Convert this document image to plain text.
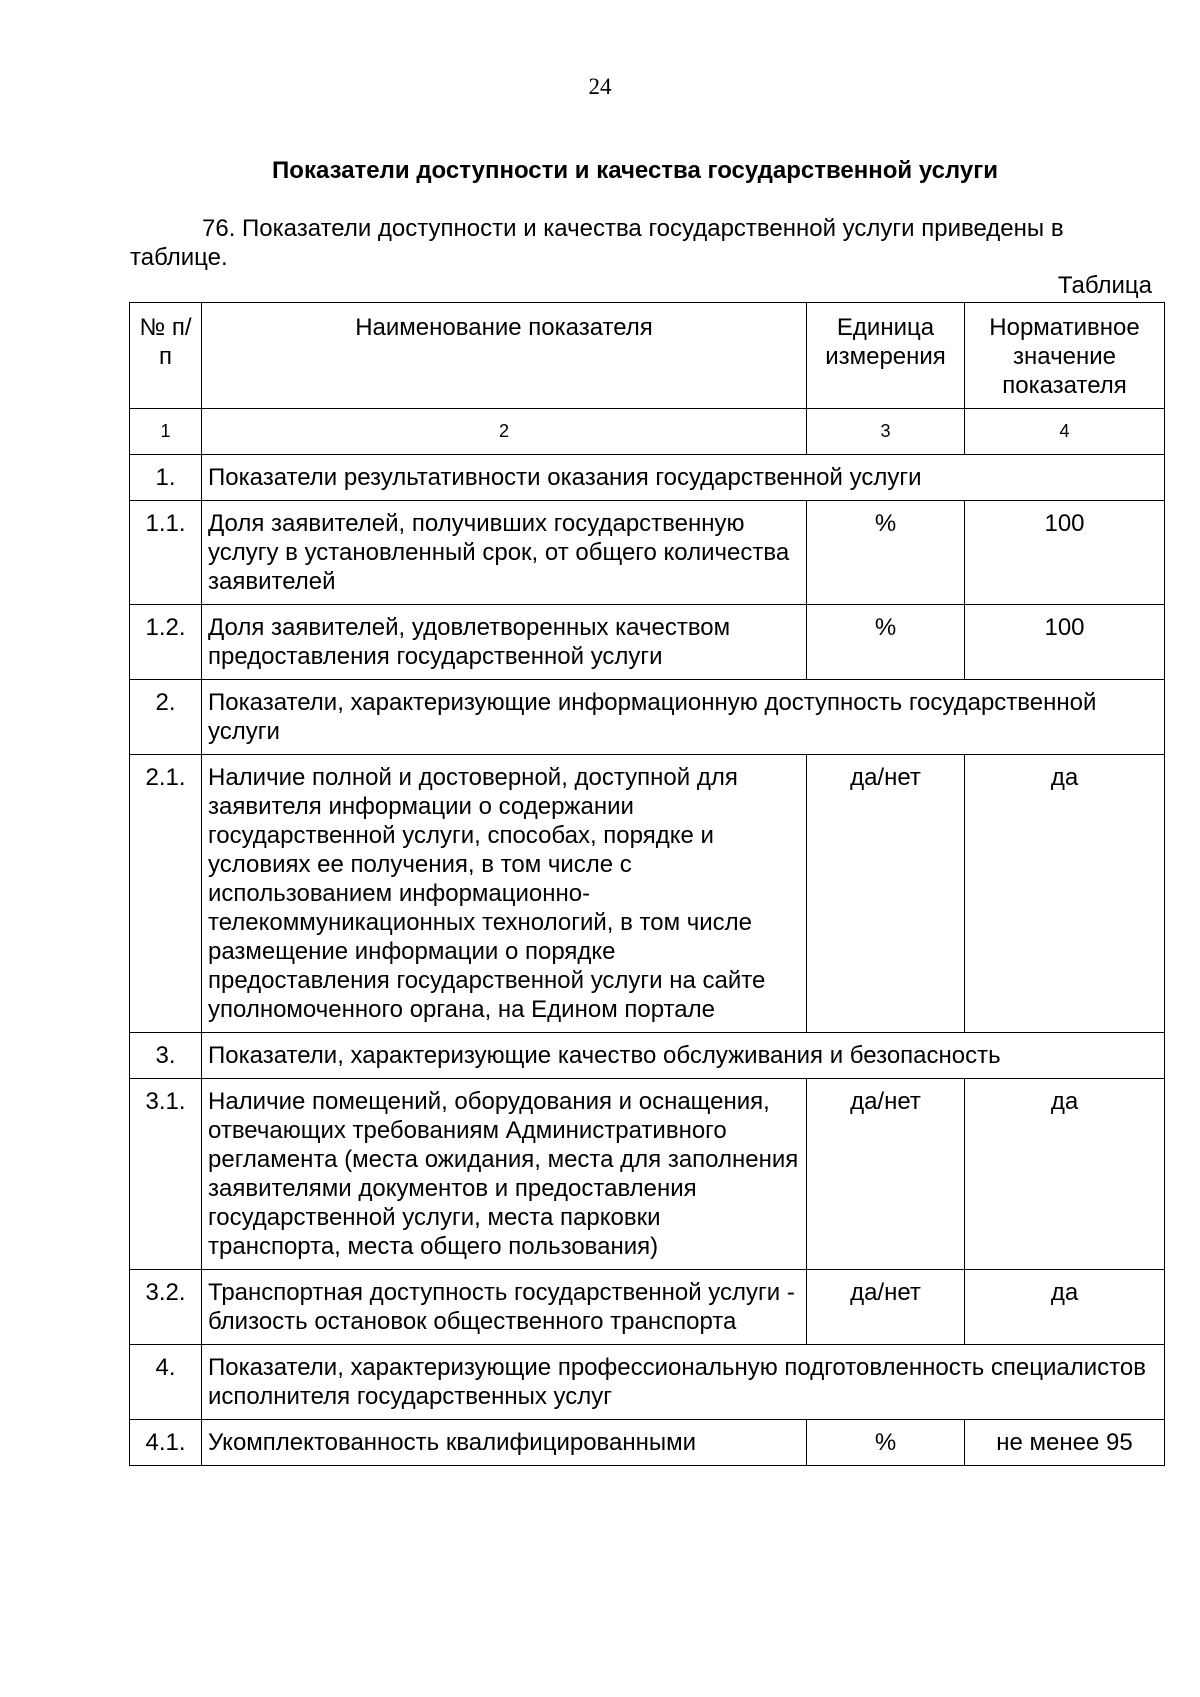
24
Показатели доступности и качества государственной услуги
76. Показатели доступности и качества государственной услуги приведены в таблице.
Таблица
№ п/п	Наименование показателя	Единица измерения	Нормативное значение показателя
1	2	3	4
1.	Показатели результативности оказания государственной услуги		
1.1.	Доля заявителей, получивших государственную услугу в установленный срок, от общего количества заявителей	%	100
1.2.	Доля заявителей, удовлетворенных качеством предоставления государственной услуги	%	100
2.	Показатели, характеризующие информационную доступность государственной услуги		
2.1.	Наличие полной и достоверной, доступной для заявителя информации о содержании государственной услуги, способах, порядке и условиях ее получения, в том числе с использованием информационно-телекоммуникационных технологий, в том числе размещение информации о порядке предоставления государственной услуги на сайте уполномоченного органа, на Едином портале	да/нет	да
3.	Показатели, характеризующие качество обслуживания и безопасность		
3.1.	Наличие помещений, оборудования и оснащения, отвечающих требованиям Административного регламента (места ожидания, места для заполнения заявителями документов и предоставления государственной услуги, места парковки транспорта, места общего пользования)	да/нет	да
3.2.	Транспортная доступность государственной услуги - близость остановок общественного транспорта	да/нет	да
4.	Показатели, характеризующие профессиональную подготовленность специалистов исполнителя государственных услуг		
4.1.	Укомплектованность квалифицированными	%	не менее 95
